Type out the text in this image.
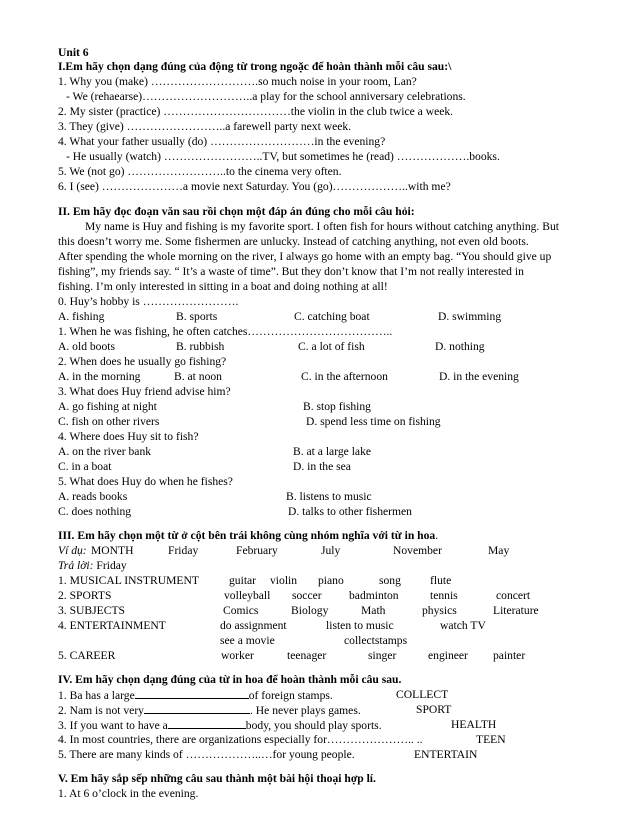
Unit 6
I.Em hãy chọn dạng đúng của động từ trong ngoặc để hoàn thành mỗi câu sau:\
1. Why you (make) ……………………….so much noise in your room, Lan?
- We (rehaearse)………………………..a play for the school anniversary celebrations.
2. My sister (practice) ……………………………the violin in the club twice a week.
3. They (give) ……………………..a farewell party next week.
4. What your father usually (do) ………………………in the evening?
- He usually (watch) ……………………..TV, but sometimes he (read) ……………….books.
5. We (not go) ……………………..to the cinema very often.
6. I (see) …………………a movie next Saturday. You (go)………………..with me?
II. Em hãy đọc đoạn văn sau rồi chọn một đáp án đúng cho mỗi câu hỏi:
My name is Huy and fishing is my favorite sport. I often fish for hours without catching anything. But
this doesn’t worry me. Some fishermen are unlucky. Instead of catching anything, not even old boots.
After spending the whole morning on the river, I always go home with an empty bag. “You should give up
fishing”, my friends say. “ It’s a waste of time”. But they don’t know that I’m not really interested in
fishing. I’m only interested in sitting in a boat and doing nothing at all!
0. Huy’s hobby is …………………….
A. fishing	B. sports	C. catching boat	D. swimming
1. When he was fishing, he often catches………………………………..
A. old boots	B. rubbish	C. a lot of fish	D. nothing
2. When does he usually go fishing?
A. in the morning	B. at noon	C. in the afternoon	D. in the evening
3. What does Huy friend advise him?
A. go fishing at night	B. stop fishing
C. fish on other rivers	D. spend less time on fishing
4. Where does Huy sit to fish?
A. on the river bank	B. at a large lake
C. in a boat	D. in the sea
5. What does Huy do when he fishes?
A. reads books	B. listens to music
C. does nothing	D. talks to other fishermen
III. Em hãy chọn một từ ở cột bên trái không cùng nhóm nghĩa với từ in hoa.
Ví dụ: MONTH	Friday	February	July	November	May
Trả lời: Friday
1. MUSICAL INSTRUMENT	guitar violin piano	song	flute
2. SPORTS	volleyball soccer badminton	tennis	concert
3. SUBJECTS	Comics	Biology	Math	physics	Literature
4. ENTERTAINMENT	do assignment	listen to music	watch TV
see a movie	collectstamps
5. CAREER	worker	teenager	singer	engineer painter
IV. Em hãy chọn dạng đúng của từ in hoa để hoàn thành mỗi câu sau.
1. Ba has a large	of foreign stamps.	COLLECT
2. Nam is not very	. He never plays games.	SPORT
3. If you want to have a	body, you should play sports.	HEALTH
4. In most countries, there are organizations especially for………………….. ..	TEEN
5. There are many kinds of ………………..…for young people.	ENTERTAIN
V. Em hãy sắp sếp những câu sau thành một bài hội thoại hợp lí.
1. At 6 o’clock in the evening.
